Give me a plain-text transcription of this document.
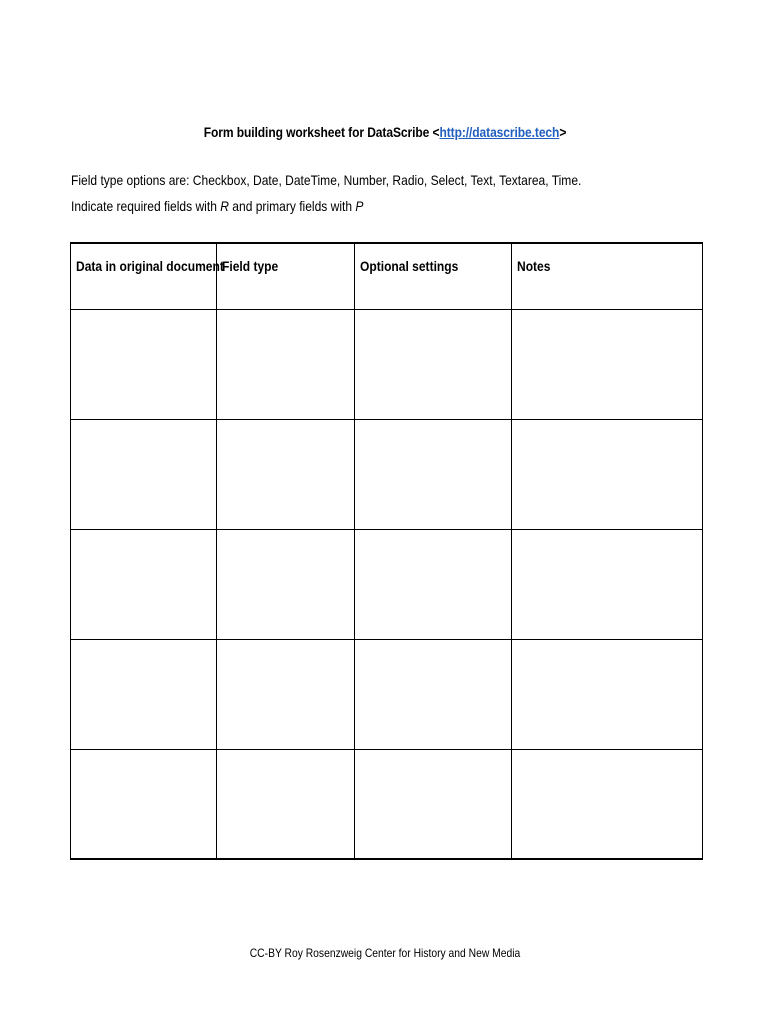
Form building worksheet for DataScribe <http://datascribe.tech>
Field type options are: Checkbox, Date, DateTime, Number, Radio, Select, Text, Textarea, Time.
Indicate required fields with R and primary fields with P
Data in original document	Field type	Optional settings	Notes

CC-BY Roy Rosenzweig Center for History and New Media
